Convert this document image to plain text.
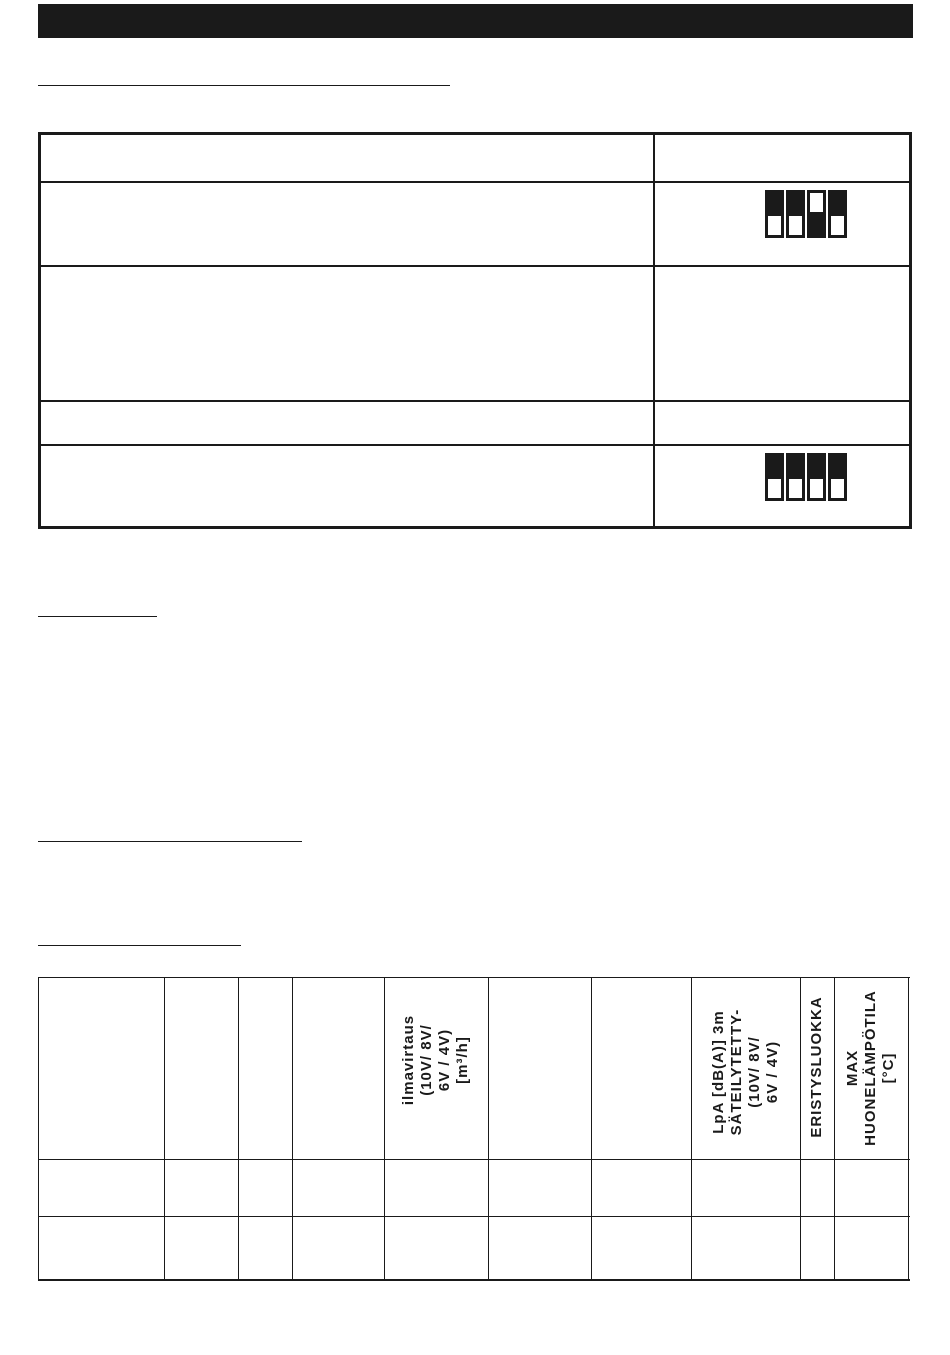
ilmavirtaus
(10V/ 8V/
6V / 4V)
[m³/h]	LpA [dB(A)] 3m
SÄTEILYTETTY-
(10V/ 8V/
6V / 4V) ERISTYSLUOKKA MAX
HUONELÄMPÖTILA
[°C]
